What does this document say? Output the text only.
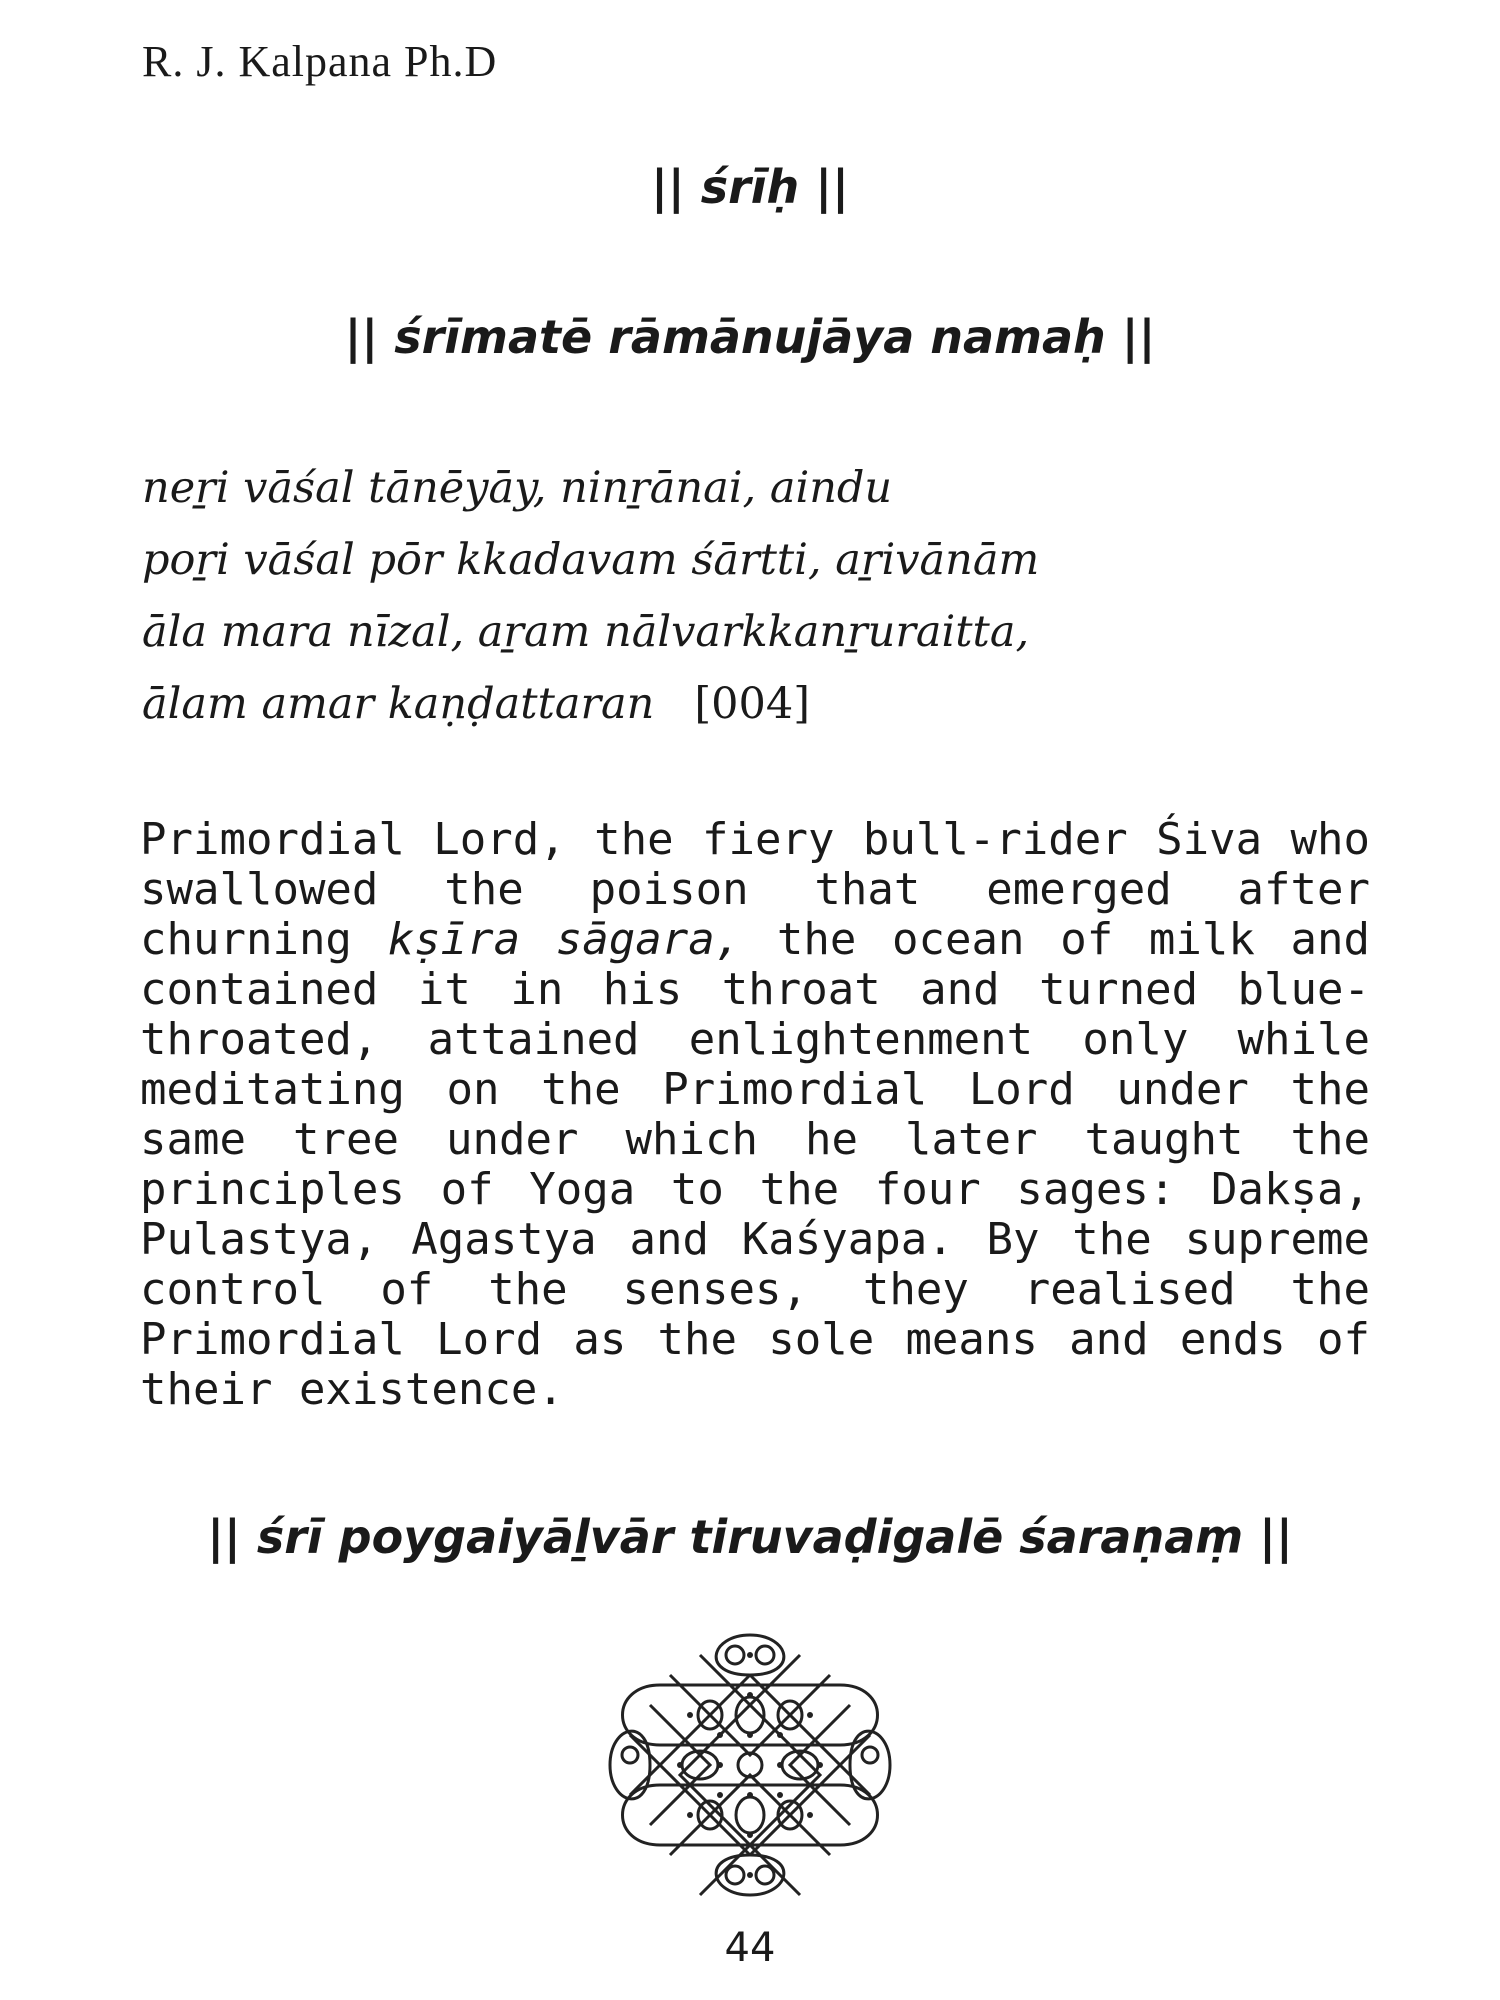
R. J. Kalpana Ph.D
|| śrīḥ ||
|| śrīmatē rāmānujāya namaḥ ||
neṟi vāśal tānēyāy, ninṟānai, aindu
poṟi vāśal pōr kkadavam śārtti, aṟivānām
āla mara nīzal, aṟam nālvarkkanṟuraitta,
ālam amar kaṇḍattaran [004]
Primordial Lord, the fiery bull-rider Śiva who swallowed the poison that emerged after churning kṣīra sāgara, the ocean of milk and contained it in his throat and turned blue-throated, attained enlightenment only while meditating on the Primordial Lord under the same tree under which he later taught the principles of Yoga to the four sages: Dakṣa, Pulastya, Agastya and Kaśyapa. By the supreme control of the senses, they realised the Primordial Lord as the sole means and ends of their existence.
|| śrī poygaiyāḻvār tiruvaḍigalē śaraṇaṃ ||
44
